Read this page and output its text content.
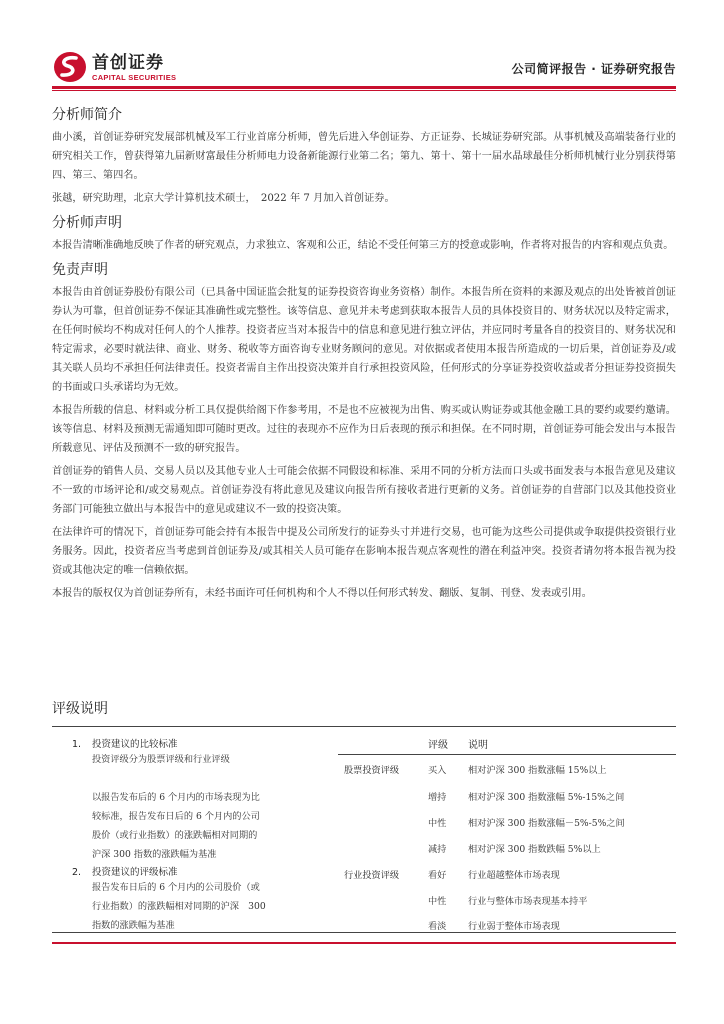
首创证券
CAPITAL SECURITIES
公司简评报告 · 证券研究报告
分析师简介

曲小溪，首创证券研究发展部机械及军工行业首席分析师，曾先后进入华创证券、方正证券、长城证券研究部。从事机械及高端装备行业的研究相关工作，曾获得第九届新财富最佳分析师电力设备新能源行业第二名；第九、第十、第十一届水晶球最佳分析师机械行业分别获得第四、第三、第四名。

张越，研究助理，北京大学计算机技术硕士，　2022 年 7 月加入首创证券。

分析师声明

本报告清晰准确地反映了作者的研究观点，力求独立、客观和公正，结论不受任何第三方的授意或影响，作者将对报告的内容和观点负责。

免责声明

本报告由首创证券股份有限公司（已具备中国证监会批复的证券投资咨询业务资格）制作。本报告所在资料的来源及观点的出处皆被首创证券认为可靠，但首创证券不保证其准确性或完整性。该等信息、意见并未考虑到获取本报告人员的具体投资目的、财务状况以及特定需求，在任何时候均不构成对任何人的个人推荐。投资者应当对本报告中的信息和意见进行独立评估，并应同时考量各自的投资目的、财务状况和特定需求，必要时就法律、商业、财务、税收等方面咨询专业财务顾问的意见。对依据或者使用本报告所造成的一切后果，首创证券及/或其关联人员均不承担任何法律责任。投资者需自主作出投资决策并自行承担投资风险，任何形式的分享证券投资收益或者分担证券投资损失的书面或口头承诺均为无效。

本报告所载的信息、材料或分析工具仅提供给阁下作参考用，不是也不应被视为出售、购买或认购证券或其他金融工具的要约或要约邀请。该等信息、材料及预测无需通知即可随时更改。过往的表现亦不应作为日后表现的预示和担保。在不同时期，首创证券可能会发出与本报告所载意见、评估及预测不一致的研究报告。

首创证券的销售人员、交易人员以及其他专业人士可能会依据不同假设和标准、采用不同的分析方法而口头或书面发表与本报告意见及建议不一致的市场评论和/或交易观点。首创证券没有将此意见及建议向报告所有接收者进行更新的义务。首创证券的自营部门以及其他投资业务部门可能独立做出与本报告中的意见或建议不一致的投资决策。

在法律许可的情况下，首创证券可能会持有本报告中提及公司所发行的证券头寸并进行交易，也可能为这些公司提供或争取提供投资银行业务服务。因此，投资者应当考虑到首创证券及/或其相关人员可能存在影响本报告观点客观性的潜在利益冲突。投资者请勿将本报告视为投资或其他决定的唯一信赖依据。

本报告的版权仅为首创证券所有，未经书面许可任何机构和个人不得以任何形式转发、翻版、复制、刊登、发表或引用。

评级说明
1. 投资建议的比较标准
投资评级分为股票评级和行业评级

以报告发布后的 6 个月内的市场表现为比
较标准，报告发布日后的 6 个月内的公司
股价（或行业指数）的涨跌幅相对同期的
沪深 300 指数的涨跌幅为基准
2. 投资建议的评级标准
报告发布日后的 6 个月内的公司股价（或
行业指数）的涨跌幅相对同期的沪深　300
指数的涨跌幅为基准
评级 说明
股票投资评级	买入 相对沪深 300 指数涨幅 15%以上
增持 相对沪深 300 指数涨幅 5%-15%之间
中性 相对沪深 300 指数涨幅－5%-5%之间
减持 相对沪深 300 指数跌幅 5%以上
行业投资评级	看好 行业超越整体市场表现
中性 行业与整体市场表现基本持平
看淡 行业弱于整体市场表现
